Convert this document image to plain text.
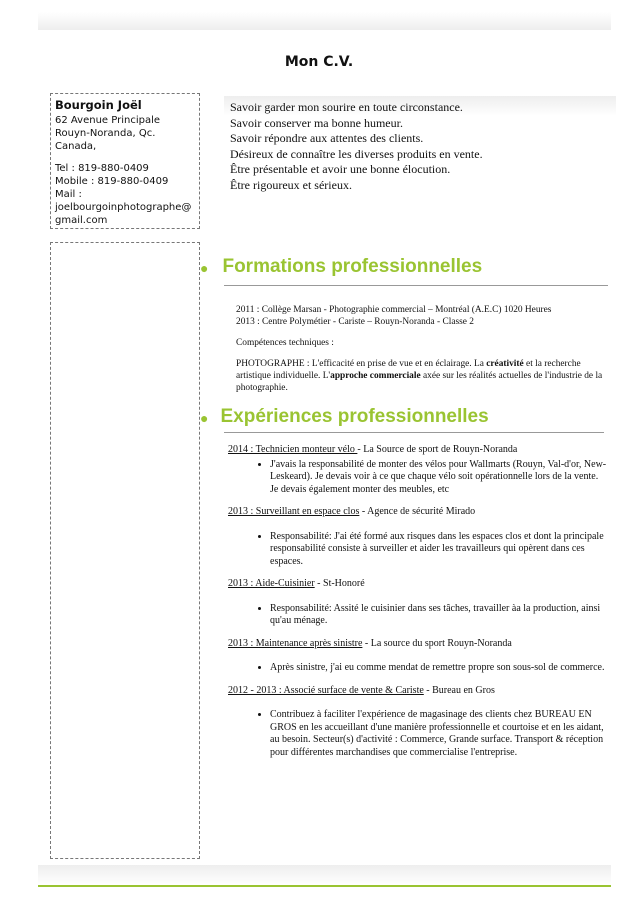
Mon C.V.
Bourgoin Joël
62 Avenue Principale
Rouyn-Noranda, Qc.
Canada,
Tel : 819-880-0409
Mobile : 819-880-0409
Mail :
joelbourgoinphotographe@gmail.com
Savoir garder mon sourire en toute circonstance.
Savoir conserver ma bonne humeur.
Savoir répondre aux attentes des clients.
Désireux de connaître les diverses produits en vente.
Être présentable et avoir une bonne élocution.
Être rigoureux et sérieux.
● Formations professionnelles

2011 : Collège Marsan - Photographie commercial – Montréal (A.E.C) 1020 Heures

2013 : Centre Polymétier - Cariste – Rouyn-Noranda - Classe 2

Compétences techniques :

PHOTOGRAPHE : L'efficacité en prise de vue et en éclairage. La créativité et la recherche artistique individuelle. L'approche commerciale axée sur les réalités actuelles de l'industrie de la photographie.

● Expériences professionnelles

2014 : Technicien monteur vélo - La Source de sport de Rouyn-Noranda

• J'avais la responsabilité de monter des vélos pour Wallmarts (Rouyn, Val-d'or, New-Leskeard). Je devais voir à ce que chaque vélo soit opérationnelle lors de la vente. Je devais également monter des meubles, etc

2013 : Surveillant en espace clos - Agence de sécurité Mirado

• Responsabilité: J'ai été formé aux risques dans les espaces clos et dont la principale responsabilité consiste à surveiller et aider les travailleurs qui opèrent dans ces espaces.

2013 : Aide-Cuisinier - St-Honoré

• Responsabilité: Assité le cuisinier dans ses tâches, travailler àa la production, ainsi qu'au ménage.

2013 : Maintenance après sinistre - La source du sport Rouyn-Noranda

• Après sinistre, j'ai eu comme mendat de remettre propre son sous-sol de commerce.

2012 - 2013 : Associé surface de vente & Cariste - Bureau en Gros

• Contribuez à faciliter l'expérience de magasinage des clients chez BUREAU EN GROS en les accueillant d'une manière professionnelle et courtoise et en les aidant, au besoin. Secteur(s) d'activité : Commerce, Grande surface. Transport & réception pour différentes marchandises que commercialise l'entreprise.
